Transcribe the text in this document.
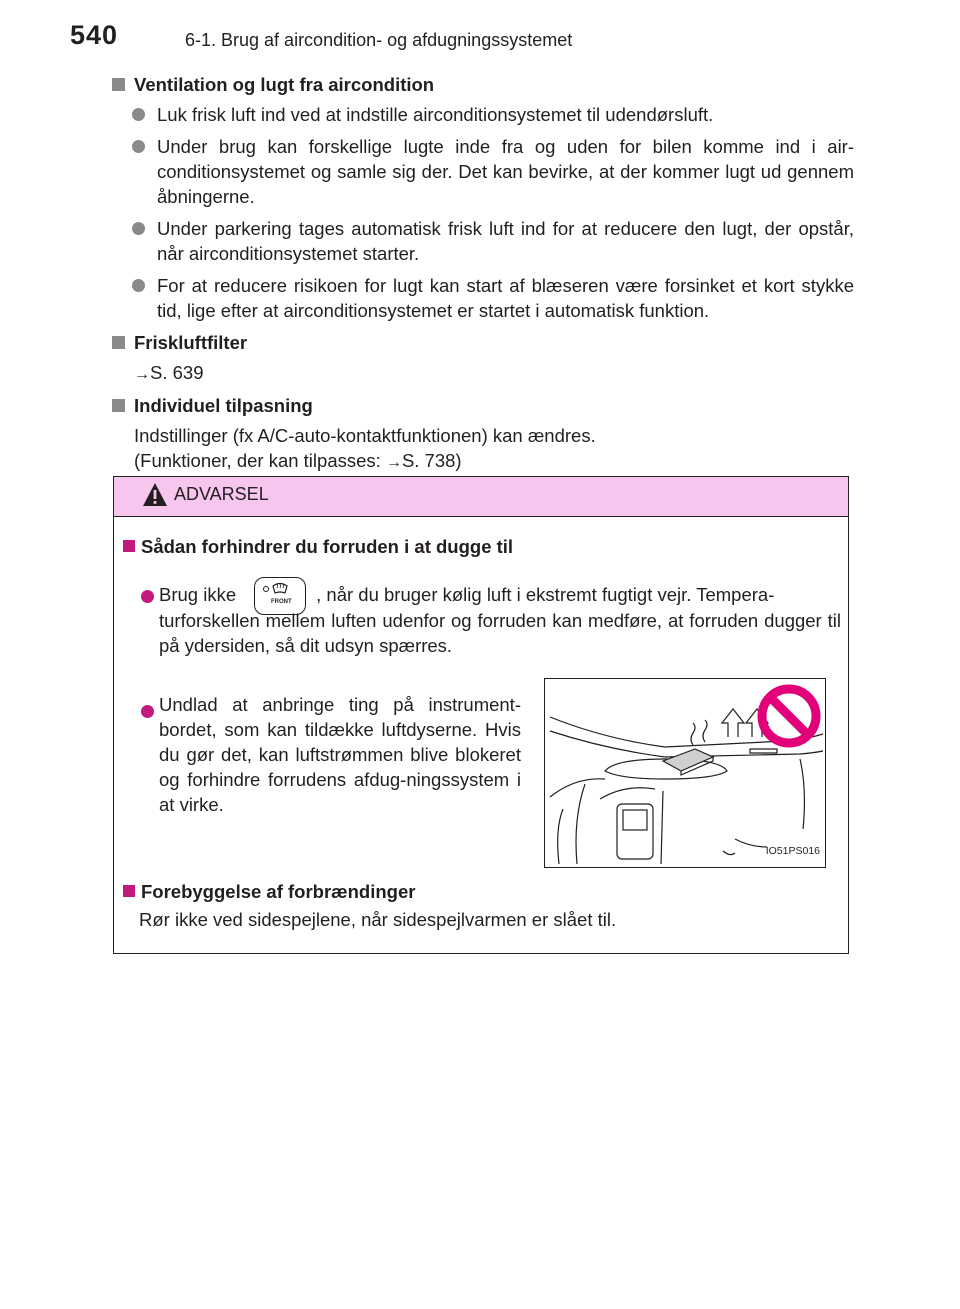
540	6-1. Brug af aircondition- og afdugningssystemet
Ventilation og lugt fra aircondition
Luk frisk luft ind ved at indstille airconditionsystemet til udendørsluft.
Under brug kan forskellige lugte inde fra og uden for bilen komme ind i air-conditionsystemet og samle sig der. Det kan bevirke, at der kommer lugt ud gennem åbningerne.
Under parkering tages automatisk frisk luft ind for at reducere den lugt, der opstår, når airconditionsystemet starter.
For at reducere risikoen for lugt kan start af blæseren være forsinket et kort stykke tid, lige efter at airconditionsystemet er startet i automatisk funktion.
Friskluftfilter
→S. 639
Individuel tilpasning
Indstillinger (fx A/C-auto-kontaktfunktionen) kan ændres.
(Funktioner, der kan tilpasses: →S. 738)
ADVARSEL
Sådan forhindrer du forruden i at dugge til
Brug ikke	FRONT , når du bruger kølig luft i ekstremt fugtigt vejr. Tempera-
turforskellen mellem luften udenfor og forruden kan medføre, at forruden dugger til på ydersiden, så dit udsyn spærres.
Undlad at anbringe ting på instrument-bordet, som kan tildække luftdyserne. Hvis du gør det, kan luftstrømmen blive blokeret og forhindre forrudens afdug-ningssystem i at virke.
IO51PS016
Forebyggelse af forbrændinger
Rør ikke ved sidespejlene, når sidespejlvarmen er slået til.
